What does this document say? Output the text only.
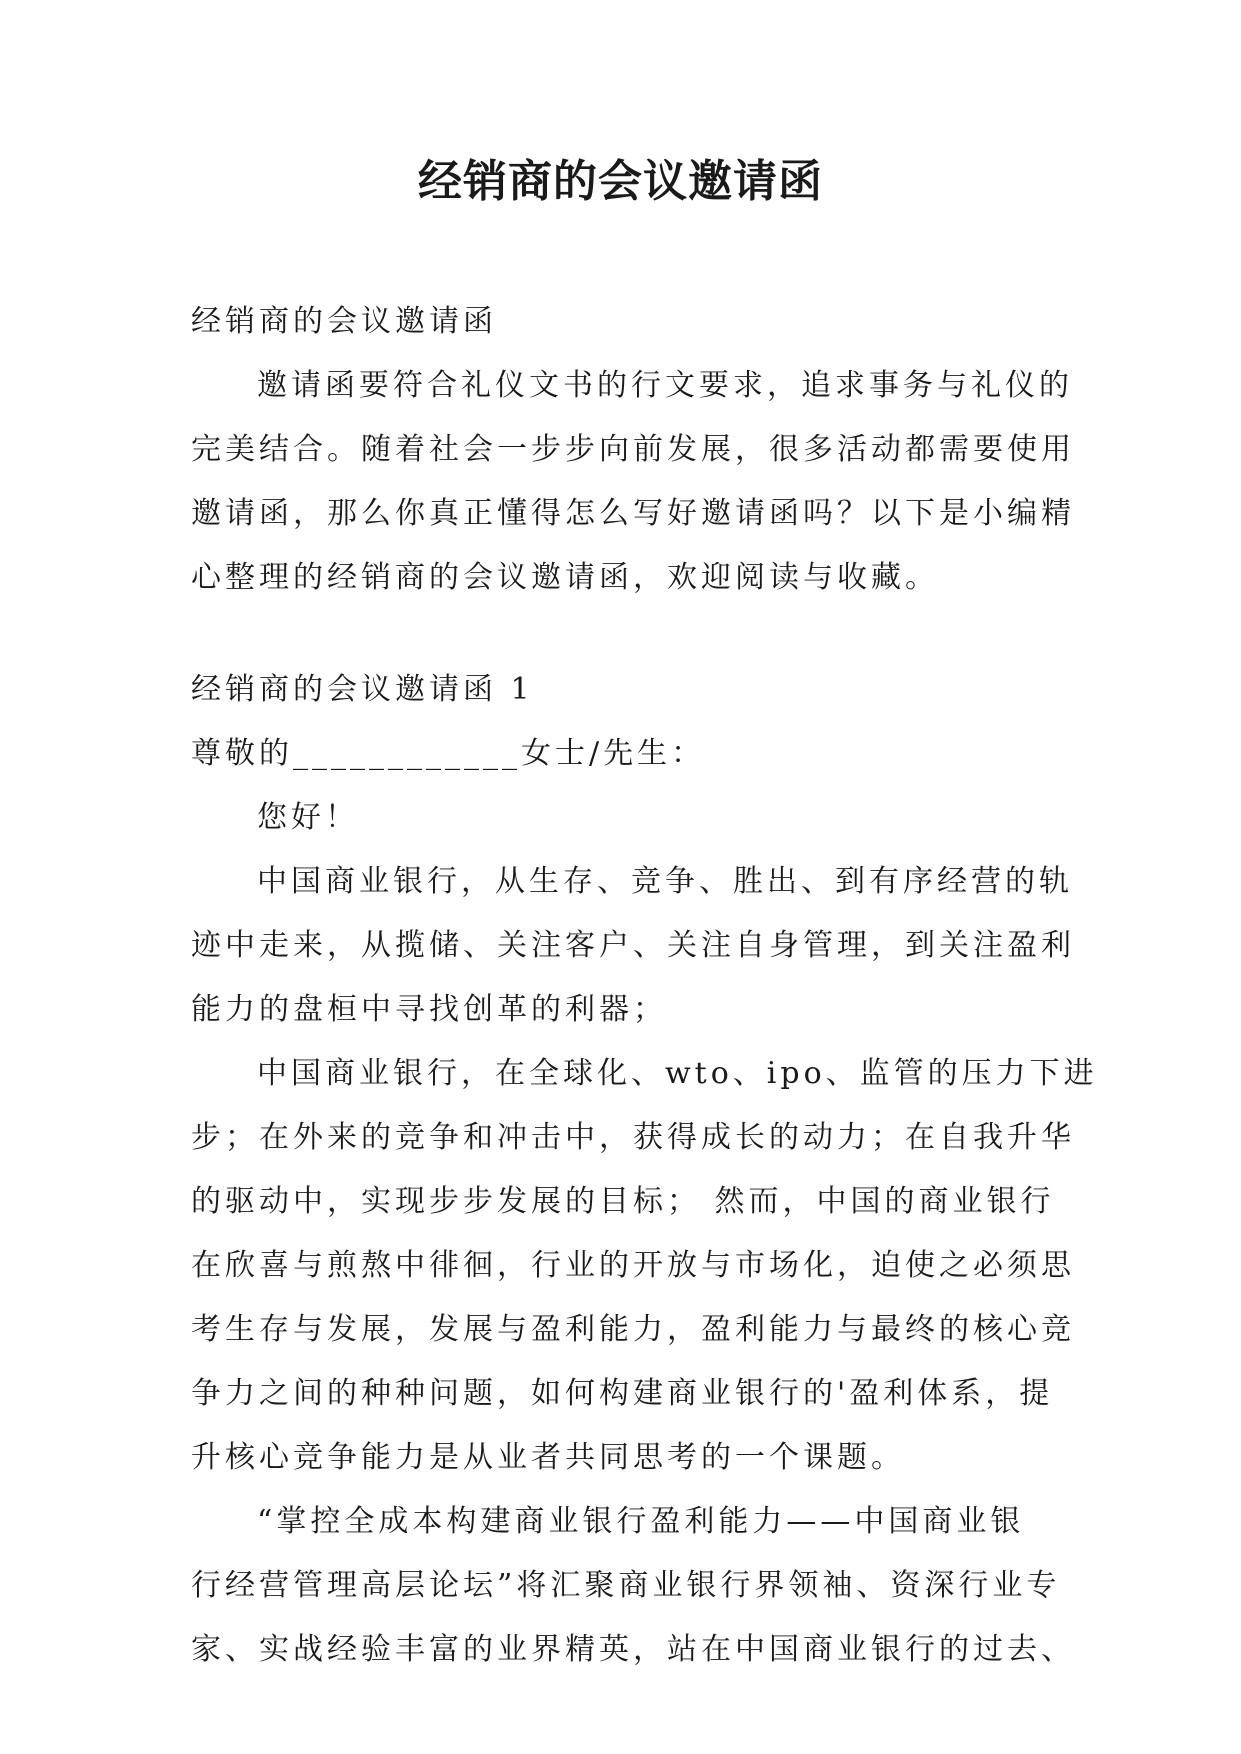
经销商的会议邀请函
经销商的会议邀请函
邀请函要符合礼仪文书的行文要求，追求事务与礼仪的
完美结合。随着社会一步步向前发展，很多活动都需要使用
邀请函，那么你真正懂得怎么写好邀请函吗？以下是小编精
心整理的经销商的会议邀请函，欢迎阅读与收藏。
经销商的会议邀请函 1
尊敬的____________女士/先生：
您好！
中国商业银行，从生存、竞争、胜出、到有序经营的轨
迹中走来，从揽储、关注客户、关注自身管理，到关注盈利
能力的盘桓中寻找创革的利器；
中国商业银行，在全球化、wto、ipo、监管的压力下进
步；在外来的竞争和冲击中，获得成长的动力；在自我升华
的驱动中，实现步步发展的目标； 然而，中国的商业银行
在欣喜与煎熬中徘徊，行业的开放与市场化，迫使之必须思
考生存与发展，发展与盈利能力，盈利能力与最终的核心竞
争力之间的种种问题，如何构建商业银行的'盈利体系，提
升核心竞争能力是从业者共同思考的一个课题。
“掌控全成本构建商业银行盈利能力——中国商业银
行经营管理高层论坛”将汇聚商业银行界领袖、资深行业专
家、实战经验丰富的业界精英，站在中国商业银行的过去、
